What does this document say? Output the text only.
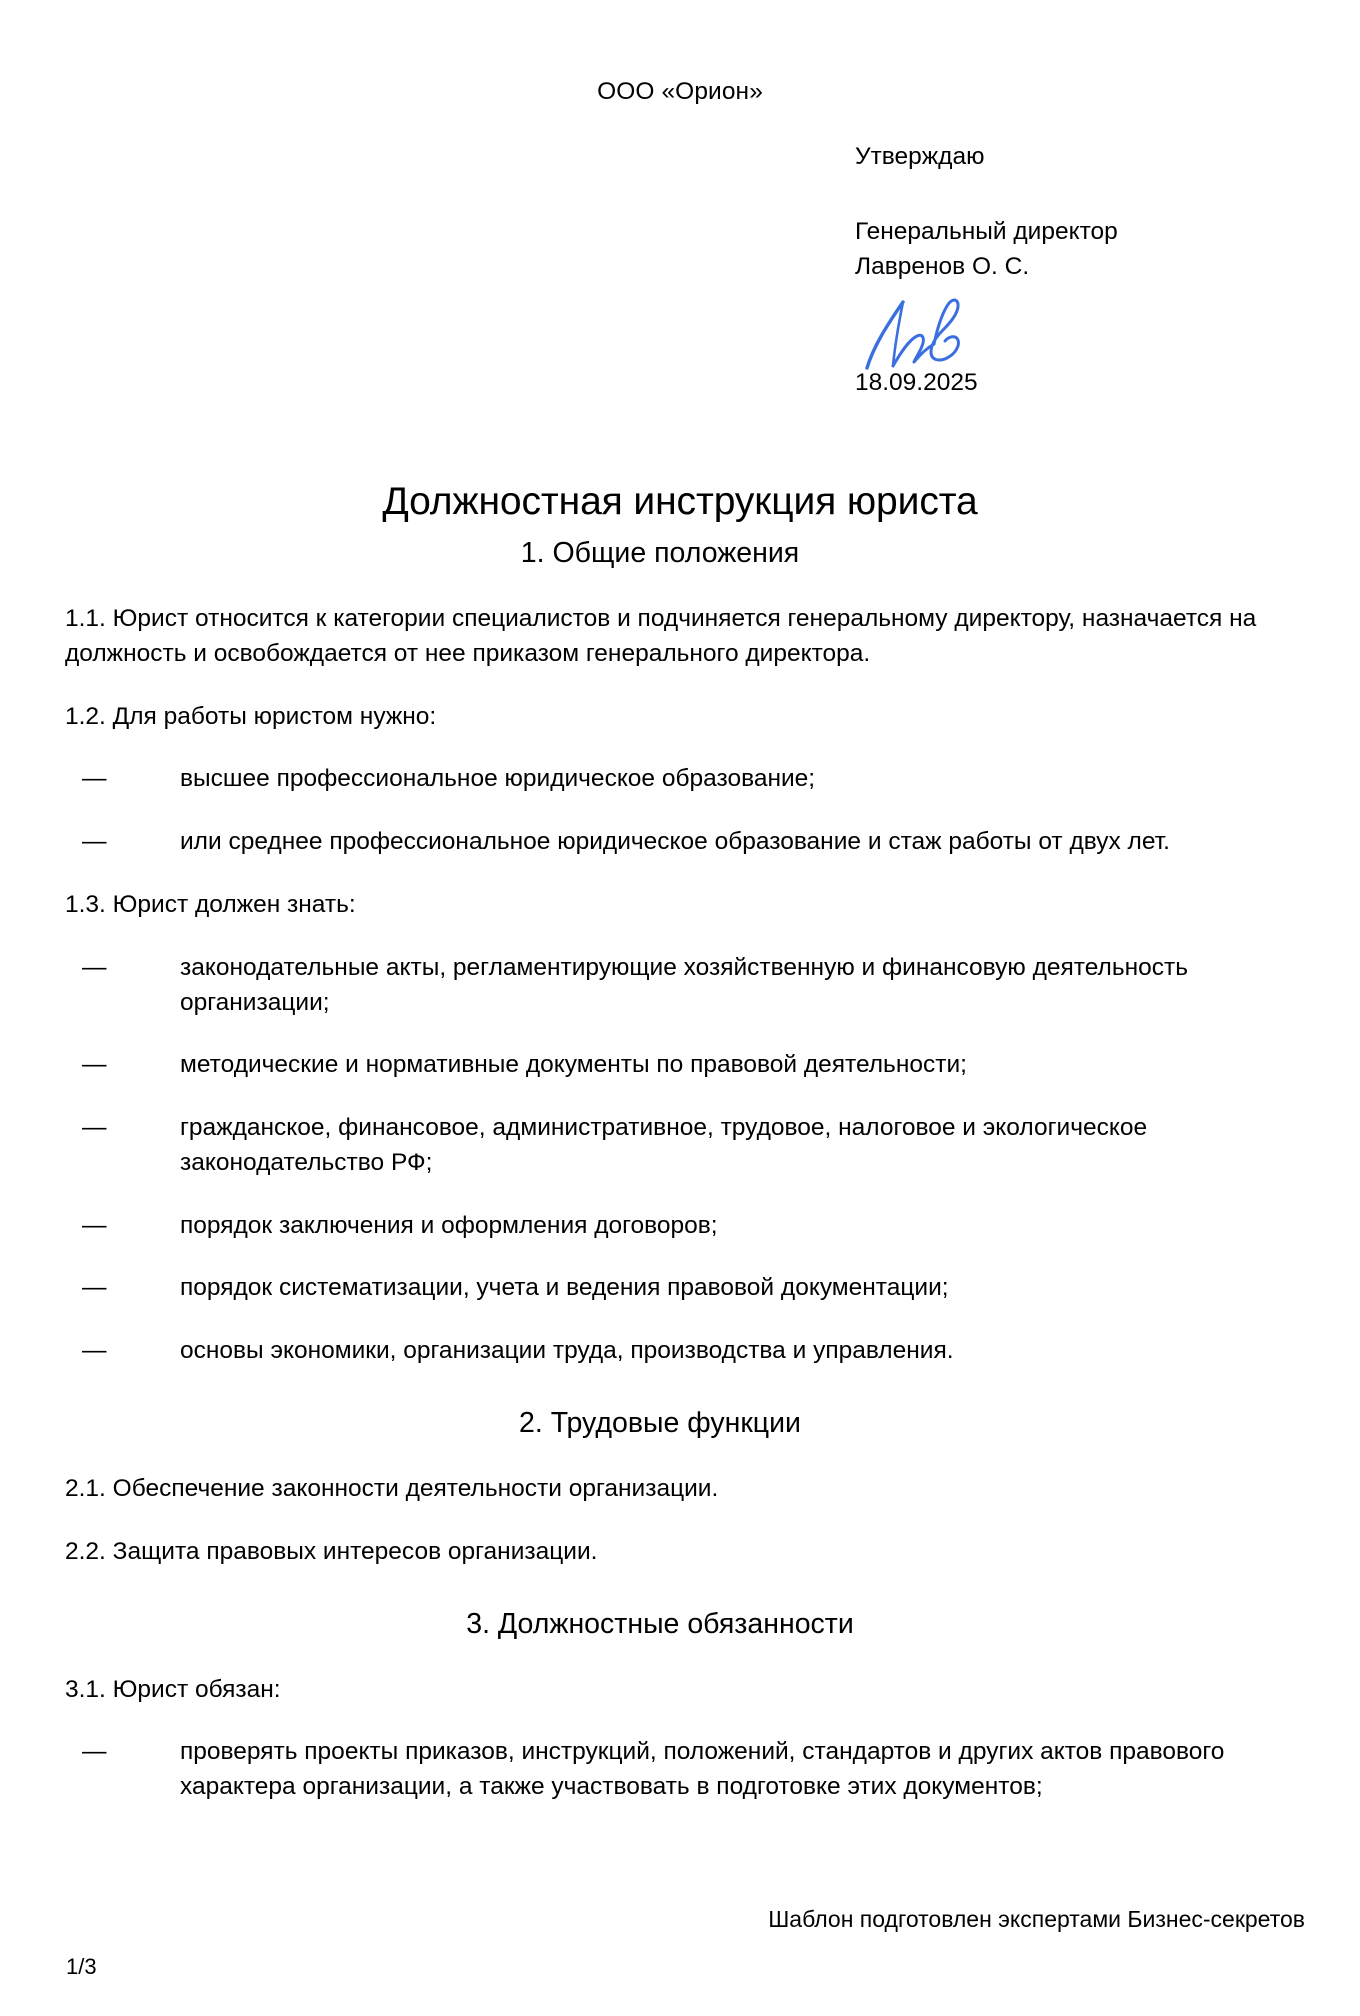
ООО «Орион»

Утверждаю

Генеральный директор

Лавренов О. С.

18.09.2025

Должностная инструкция юриста
1. Общие положения

1.1. Юрист относится к категории специалистов и подчиняется генеральному директору, назначается на должность и освобождается от нее приказом генерального директора.

1.2. Для работы юристом нужно:

—	высшее профессиональное юридическое образование;
—	или среднее профессиональное юридическое образование и стаж работы от двух лет.

1.3. Юрист должен знать:

—	законодательные акты, регламентирующие хозяйственную и финансовую деятельность организации;
—	методические и нормативные документы по правовой деятельности;
—	гражданское, финансовое, административное, трудовое, налоговое и экологическое законодательство РФ;
—	порядок заключения и оформления договоров;
—	порядок систематизации, учета и ведения правовой документации;
—	основы экономики, организации труда, производства и управления.
2. Трудовые функции

2.1. Обеспечение законности деятельности организации.

2.2. Защита правовых интересов организации.

3. Должностные обязанности

3.1. Юрист обязан:

—	проверять проекты приказов, инструкций, положений, стандартов и других актов правового характера организации, а также участвовать в подготовке этих документов;
Шаблон подготовлен экспертами Бизнес-секретов
1/3
